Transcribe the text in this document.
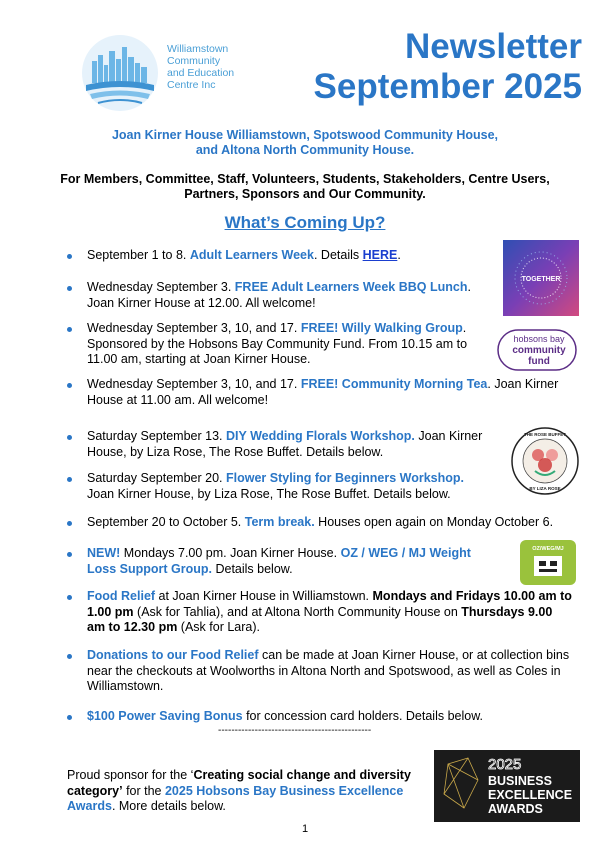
Williamstown
Community
and Education
Centre Inc
Newsletter
September 2025
Joan Kirner House Williamstown, Spotswood Community House,
and Altona North Community House.
For Members, Committee, Staff, Volunteers, Students, Stakeholders, Centre Users,
Partners, Sponsors and Our Community.
What’s Coming Up?
September 1 to 8. Adult Learners Week. Details HERE.
Wednesday September 3. FREE Adult Learners Week BBQ Lunch.
Joan Kirner House at 12.00. All welcome!
Wednesday September 3, 10, and 17. FREE! Willy Walking Group.
Sponsored by the Hobsons Bay Community Fund. From 10.15 am to
11.00 am, starting at Joan Kirner House.
Wednesday September 3, 10, and 17. FREE! Community Morning Tea. Joan Kirner
House at 11.00 am. All welcome!
Saturday September 13. DIY Wedding Florals Workshop. Joan Kirner
House, by Liza Rose, The Rose Buffet. Details below.
Saturday September 20. Flower Styling for Beginners Workshop.
Joan Kirner House, by Liza Rose, The Rose Buffet. Details below.
September 20 to October 5. Term break. Houses open again on Monday October 6.
NEW! Mondays 7.00 pm. Joan Kirner House. OZ / WEG / MJ Weight
Loss Support Group. Details below.
Food Relief at Joan Kirner House in Williamstown. Mondays and Fridays 10.00 am to
1.00 pm (Ask for Tahlia), and at Altona North Community House on Thursdays 9.00
am to 12.30 pm (Ask for Lara).
Donations to our Food Relief can be made at Joan Kirner House, or at collection bins
near the checkouts at Woolworths in Altona North and Spotswood, as well as Coles in
Williamstown.
$100 Power Saving Bonus for concession card holders. Details below.
----------------------------------------------
TOGETHER
hobsons bay
community
fund
THE ROSE BUFFET
BY LIZA ROSE
OZ/WEG/MJ
2025
BUSINESS
EXCELLENCE
AWARDS
Proud sponsor for the ‘Creating social change and diversity
category’ for the 2025 Hobsons Bay Business Excellence
Awards. More details below.
1
